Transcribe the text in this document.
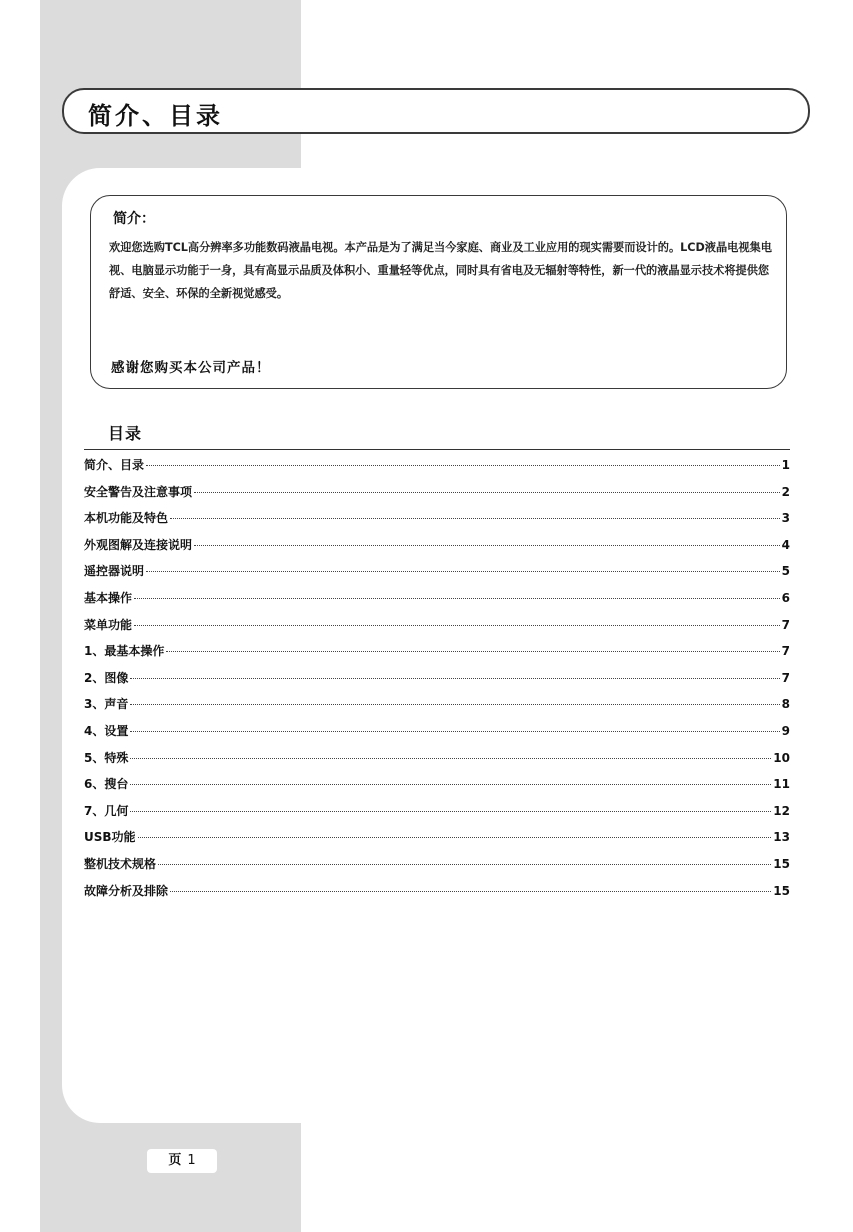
简介、目录
简介：
欢迎您选购TCL高分辨率多功能数码液晶电视。本产品是为了满足当今家庭、商业及工业应用的现实需要而设计的。LCD液晶电视集电视、电脑显示功能于一身，具有高显示品质及体积小、重量轻等优点，同时具有省电及无辐射等特性，新一代的液晶显示技术将提供您舒适、安全、环保的全新视觉感受。
感谢您购买本公司产品！
目录
简介、目录	1
安全警告及注意事项	2
本机功能及特色	3
外观图解及连接说明	4
遥控器说明	5
基本操作	6
菜单功能	7
1、最基本操作	7
2、图像	7
3、声音	8
4、设置	9
5、特殊	10
6、搜台	11
7、几何	12
USB功能	13
整机技术规格	15
故障分析及排除	15
页 1
